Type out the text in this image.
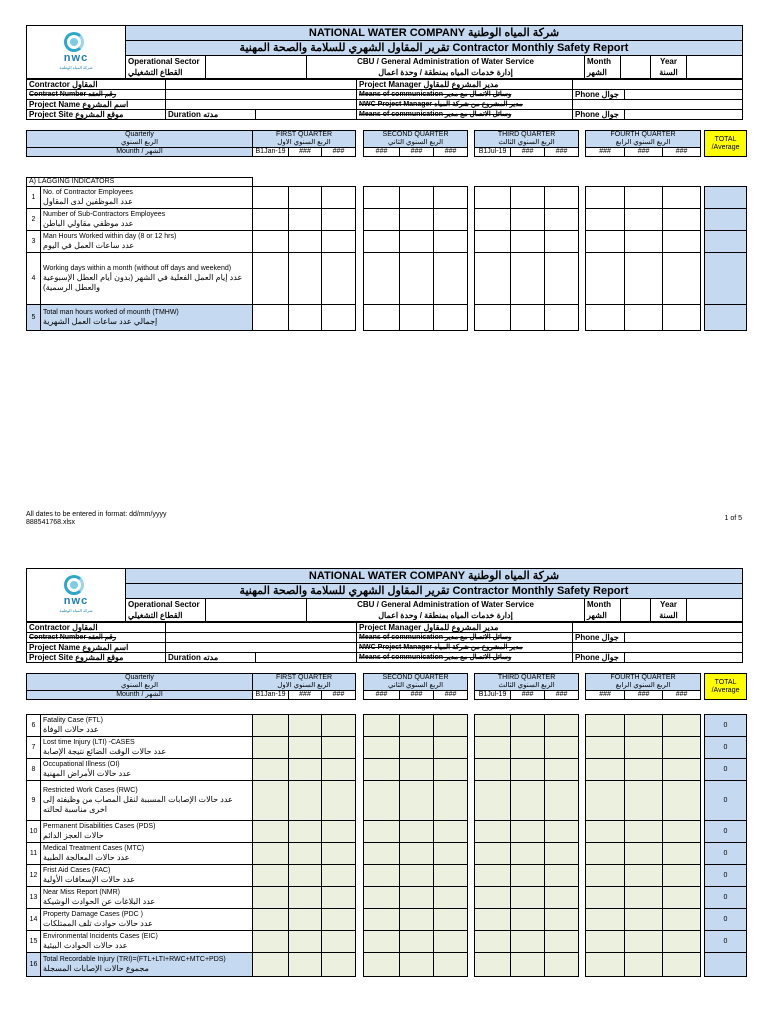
nwc
شركة المياه الوطنية	NATIONAL WATER COMPANY شركة المياه الوطنية						
	تقرير المقاول الشهري للسلامة والصحة المهنية Contractor Monthly Safety Report						
	Operational Sector		CBU / General Administration of Water Service	Month		Year	
	القطاع التشغيلي		إدارة خدمات المياه بمنطقة / وحدة اعمال	الشهر		السنة	
Contractor المقاول			Project Manager مدير المشروع للمقاول		
Contract Number رقم العقد			Means of communication وسائل الاتصال مع مدير	Phone جوال	
Project Name اسم المشروع			NWC Project Manager مدير المشروع من شركة المياه		
Project Site موقع المشروع	Duration مدته		Means of communication وسائل الاتصال مع مدير	Phone جوال	
Quarterly	FIRST QUARTER				SECOND QUARTER				THIRD QUARTER				FOURTH QUARTER				TOTAL /Average
الربع السنوي	الربع السنوي الأول				الربع السنوي الثاني				الربع السنوي الثالث				الربع السنوي الرابع				
Mounth / الشهر	B1Jan-19	###	###		###	###	###		B1Jul-19	###	###		###	###	###		
A) LAGGING INDICATORS																		
1	No. of Contractor Employees
عدد الموظفين لدى المقاول																	

2	Number of Sub-Contractors Employees
عدد موظفي مقاولي الباطن																	

3	Man Hours Worked within day (8 or 12 hrs)
عدد ساعات العمل في اليوم																	

4	Working days within a month (without off days and weekend)
عدد إيام العمل الفعلية في الشهر (بدون أيام العطل الإسبوعية والعطل الرسمية)																	

5	Total man hours worked of mounth (TMHW)
إجمالي عدد ساعات العمل الشهرية																	

All dates to be entered in format: dd/mm/yyyy
888541768.xlsx
1 of 5
nwc
شركة المياه الوطنية	NATIONAL WATER COMPANY شركة المياه الوطنية						
	تقرير المقاول الشهري للسلامة والصحة المهنية Contractor Monthly Safety Report						
	Operational Sector		CBU / General Administration of Water Service	Month		Year	
	القطاع التشغيلي		إدارة خدمات المياه بمنطقة / وحدة اعمال	الشهر		السنة	
Contractor المقاول			Project Manager مدير المشروع للمقاول		
Contract Number رقم العقد			Means of communication وسائل الاتصال مع مدير	Phone جوال	
Project Name اسم المشروع			NWC Project Manager مدير المشروع من شركة المياه		
Project Site موقع المشروع	Duration مدته		Means of communication وسائل الاتصال مع مدير	Phone جوال	
Quarterly	FIRST QUARTER				SECOND QUARTER				THIRD QUARTER				FOURTH QUARTER				TOTAL /Average
الربع السنوي	الربع السنوي الأول				الربع السنوي الثاني				الربع السنوي الثالث				الربع السنوي الرابع				
Mounth / الشهر	B1Jan-19	###	###		###	###	###		B1Jul-19	###	###		###	###	###		
6	Fatality Case (FTL)
عدد حالات الوفاة																	0
7	Lost time Injury (LTI) -CASES
عدد حالات الوقت الضائع نتيجة الإصابة																	0
8	Occupational Illness (OI)
عدد حالات الأمراض المهنية																	0
9	Restricted Work Cases (RWC)
عدد حالات الإصابات المسببة لنقل المصاب من وظيفته إلى اخرى مناسبة لحالته																	0
10	Permanent Disabilities Cases (PDS)
حالات العجز الدائم																	0
11	Medical Treatment Cases (MTC)
عدد حالات المعالجة الطبية																	0
12	Frist Aid Cases (FAC)
عدد حالات الإسعافات الأولية																	0
13	Near Miss Report (NMR)
عدد البلاغات عن الحوادث الوشيكة																	0
14	Property Damage Cases (PDC )
عدد حالات حوادث تلف الممتلكات																	0
15	Environmental Incidents Cases (EIC)
عدد حالات الحوادث البيئية																	0
16	Total Recordable Injury (TRI)=(FTL+LTI+RWC+MTC+PDS)
مجموع حالات الإصابات المسجلة																	
